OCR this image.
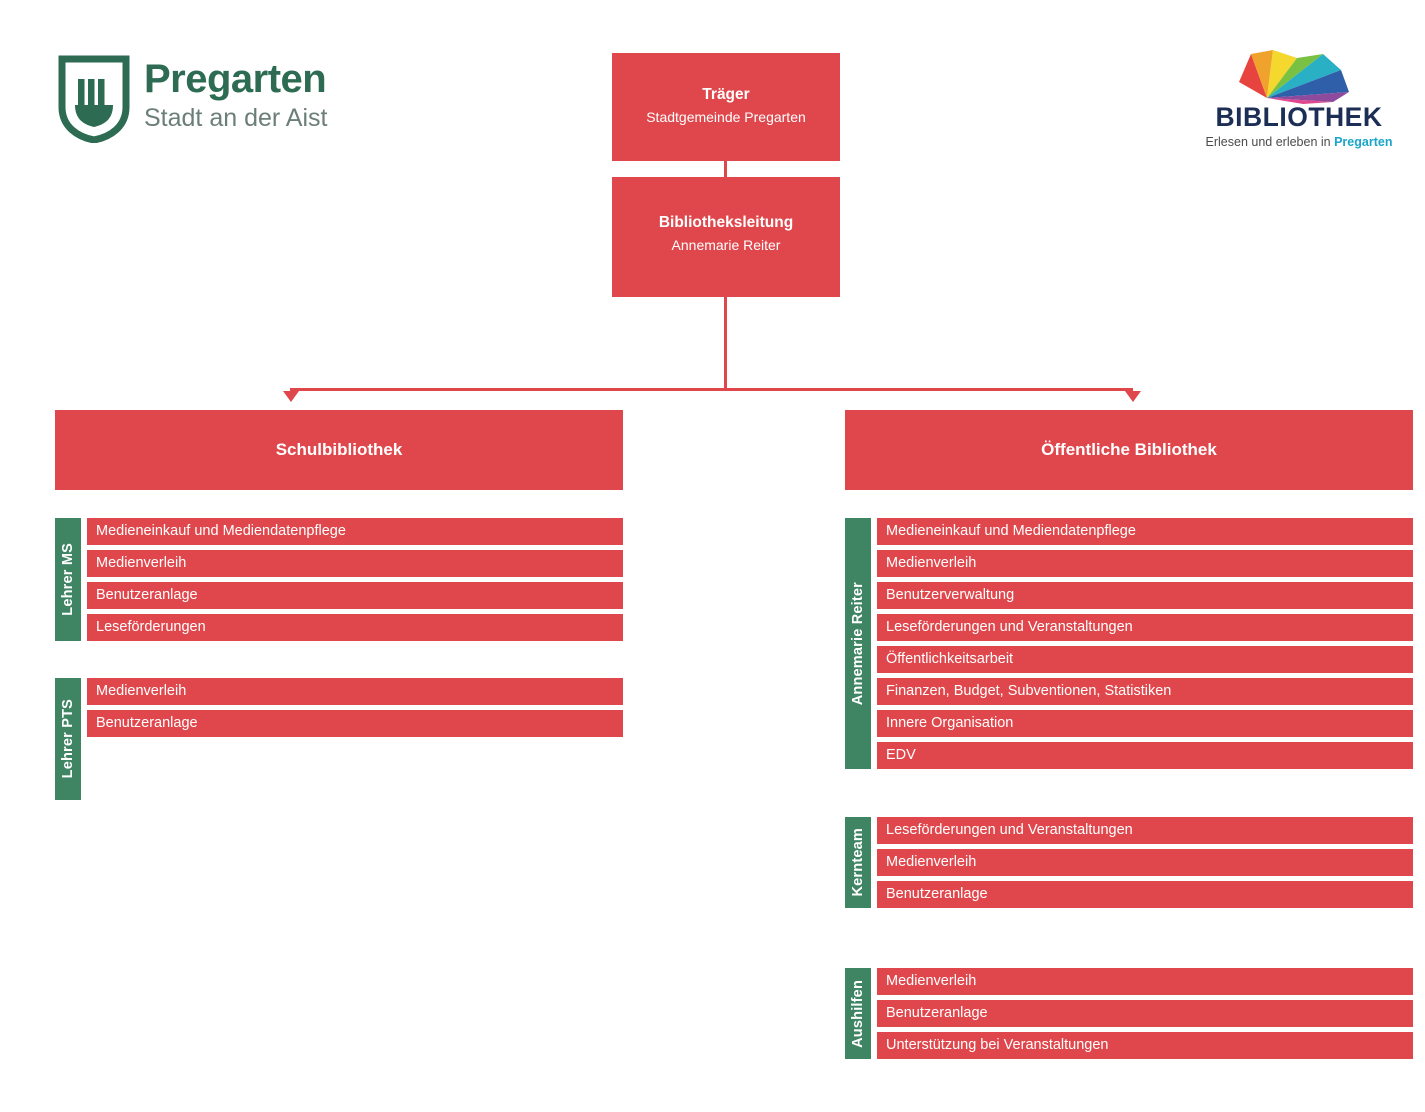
Pregarten
Stadt an der Aist	BIBLIOTHEK
Erlesen und erleben in Pregarten
Träger
Stadtgemeinde Pregarten
Bibliotheksleitung
Annemarie Reiter
Schulbibliothek	Öffentliche Bibliothek
Lehrer MS
Medieneinkauf und Mediendatenpflege
Medienverleih
Benutzeranlage
Leseförderungen
Lehrer PTS
Medienverleih
Benutzeranlage
Annemarie Reiter
Medieneinkauf und Mediendatenpflege
Medienverleih
Benutzerverwaltung
Leseförderungen und Veranstaltungen
Öffentlichkeitsarbeit
Finanzen, Budget, Subventionen, Statistiken
Innere Organisation
EDV
Kernteam	Leseförderungen und Veranstaltungen
Medienverleih
Benutzeranlage
Aushilfen	Medienverleih
Benutzeranlage
Unterstützung bei Veranstaltungen
